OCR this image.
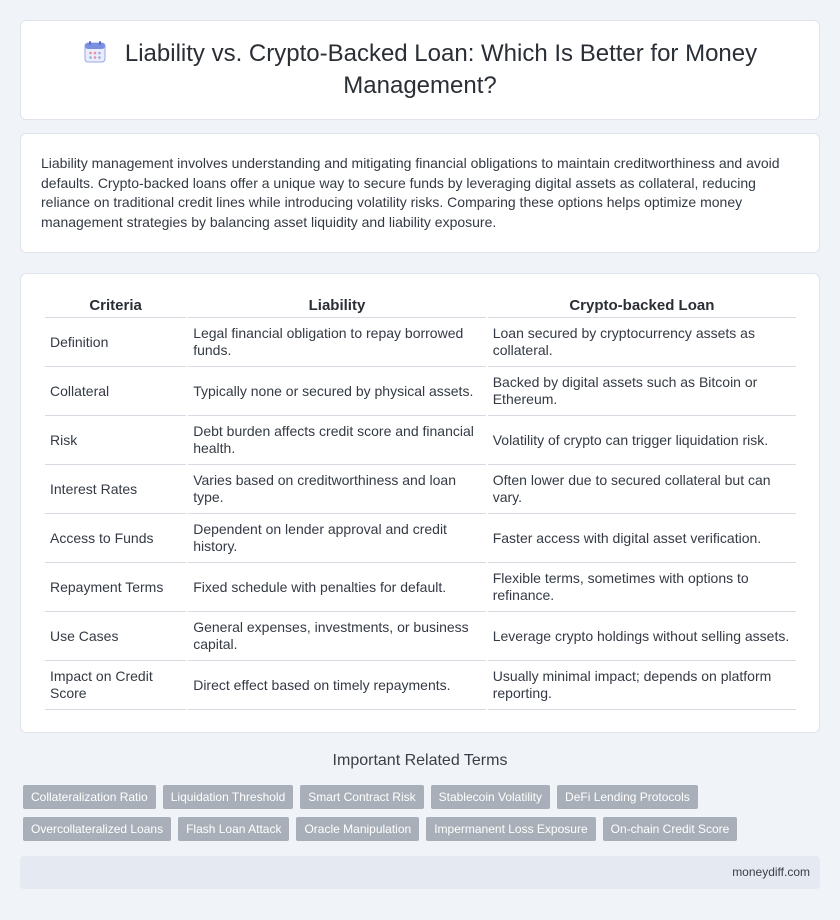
Liability vs. Crypto-Backed Loan: Which Is Better for Money Management?

Liability management involves understanding and mitigating financial obligations to maintain creditworthiness and avoid defaults. Crypto-backed loans offer a unique way to secure funds by leveraging digital assets as collateral, reducing reliance on traditional credit lines while introducing volatility risks. Comparing these options helps optimize money management strategies by balancing asset liquidity and liability exposure.

Criteria	Liability	Crypto-backed Loan
Definition	Legal financial obligation to repay borrowed funds.	Loan secured by cryptocurrency assets as collateral.
Collateral	Typically none or secured by physical assets.	Backed by digital assets such as Bitcoin or Ethereum.
Risk	Debt burden affects credit score and financial health.	Volatility of crypto can trigger liquidation risk.
Interest Rates	Varies based on creditworthiness and loan type.	Often lower due to secured collateral but can vary.
Access to Funds	Dependent on lender approval and credit history.	Faster access with digital asset verification.
Repayment Terms	Fixed schedule with penalties for default.	Flexible terms, sometimes with options to refinance.
Use Cases	General expenses, investments, or business capital.	Leverage crypto holdings without selling assets.
Impact on Credit Score	Direct effect based on timely repayments.	Usually minimal impact; depends on platform reporting.
Important Related Terms
Collateralization Ratio	Liquidation Threshold	Smart Contract Risk	Stablecoin Volatility	DeFi Lending Protocols
Overcollateralized Loans	Flash Loan Attack	Oracle Manipulation	Impermanent Loss Exposure	On-chain Credit Score
moneydiff.com
